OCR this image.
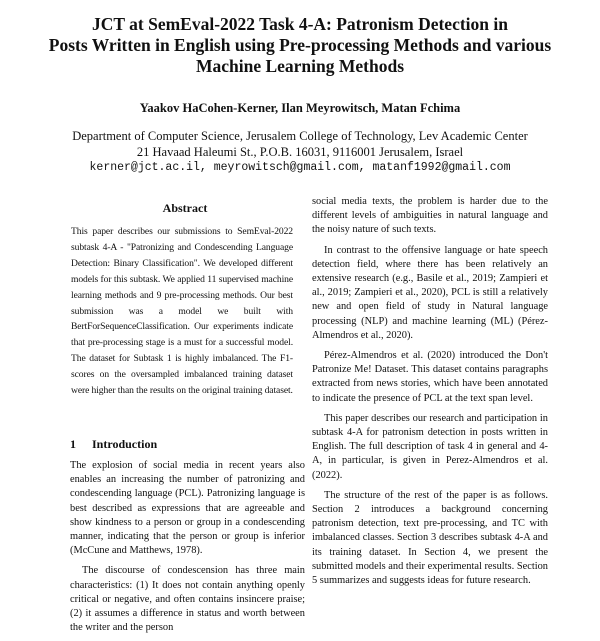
JCT at SemEval-2022 Task 4-A: Patronism Detection in
Posts Written in English using Pre-processing Methods and various
Machine Learning Methods
Yaakov HaCohen-Kerner, Ilan Meyrowitsch, Matan Fchima
Department of Computer Science, Jerusalem College of Technology, Lev Academic Center
21 Havaad Haleumi St., P.O.B. 16031, 9116001 Jerusalem, Israel
kerner@jct.ac.il, meyrowitsch@gmail.com, matanf1992@gmail.com
Abstract
This paper describes our submissions to SemEval-2022 subtask 4-A - "Patronizing and Condescending Language Detection: Binary Classification". We developed different models for this subtask. We applied 11 supervised machine learning methods and 9 pre-processing methods. Our best submission was a model we built with BertForSequenceClassification. Our experiments indicate that pre-processing stage is a must for a successful model. The dataset for Subtask 1 is highly imbalanced. The F1-scores on the oversampled imbalanced training dataset were higher than the results on the original training dataset.
1 Introduction

The explosion of social media in recent years also enables an increasing the number of patronizing and condescending language (PCL). Patronizing language is best described as expressions that are agreeable and show kindness to a person or group in a condescending manner, indicating that the person or group is inferior (McCune and Matthews, 1978).

The discourse of condescension has three main characteristics: (1) It does not contain anything openly critical or negative, and often contains insincere praise; (2) it assumes a difference in status and worth between the writer and the person

social media texts, the problem is harder due to the different levels of ambiguities in natural language and the noisy nature of such texts.

In contrast to the offensive language or hate speech detection field, where there has been relatively an extensive research (e.g., Basile et al., 2019; Zampieri et al., 2019; Zampieri et al., 2020), PCL is still a relatively new and open field of study in Natural language processing (NLP) and machine learning (ML) (Pérez-Almendros et al., 2020).

Pérez-Almendros et al. (2020) introduced the Don't Patronize Me! Dataset. This dataset contains paragraphs extracted from news stories, which have been annotated to indicate the presence of PCL at the text span level.

This paper describes our research and participation in subtask 4-A for patronism detection in posts written in English. The full description of task 4 in general and 4-A, in particular, is given in Perez-Almendros et al. (2022).

The structure of the rest of the paper is as follows. Section 2 introduces a background concerning patronism detection, text pre-processing, and TC with imbalanced classes. Section 3 describes subtask 4-A and its training dataset. In Section 4, we present the submitted models and their experimental results. Section 5 summarizes and suggests ideas for future research.
